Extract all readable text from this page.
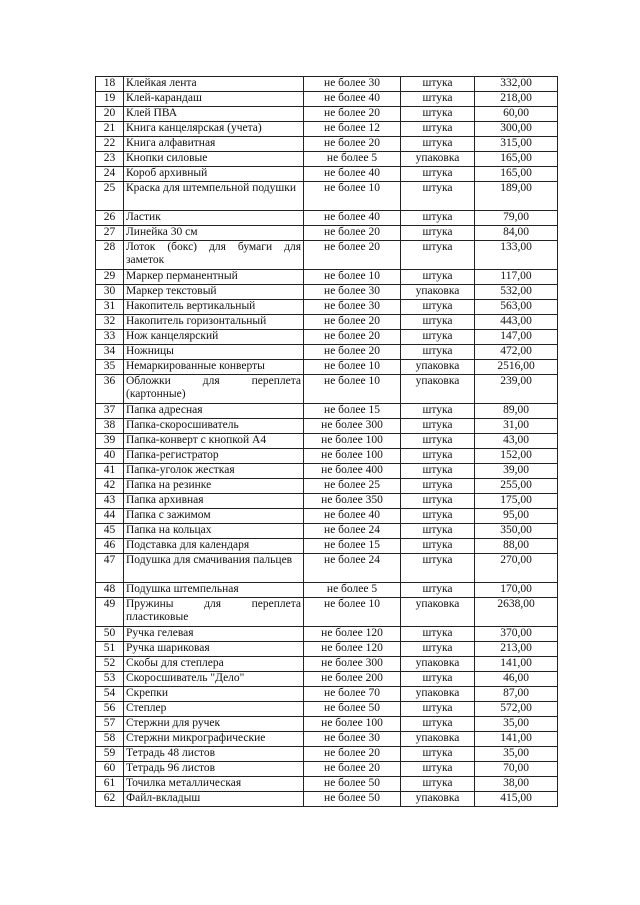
18	Клейкая лента	не более 30	штука	332,00
19	Клей-карандаш	не более 40	штука	218,00
20	Клей ПВА	не более 20	штука	60,00
21	Книга канцелярская (учета)	не более 12	штука	300,00
22	Книга алфавитная	не более 20	штука	315,00
23	Кнопки силовые	не более 5	упаковка	165,00
24	Короб архивный	не более 40	штука	165,00
25	Краска для штемпельной подушки	не более 10	штука	189,00
26	Ластик	не более 40	штука	79,00
27	Линейка 30 см	не более 20	штука	84,00
28	Лоток (бокс) для бумаги для заметок	не более 20	штука	133,00
29	Маркер перманентный	не более 10	штука	117,00
30	Маркер текстовый	не более 30	упаковка	532,00
31	Накопитель вертикальный	не более 30	штука	563,00
32	Накопитель горизонтальный	не более 20	штука	443,00
33	Нож канцелярский	не более 20	штука	147,00
34	Ножницы	не более 20	штука	472,00
35	Немаркированные конверты	не более 10	упаковка	2516,00
36	Обложки для переплета (картонные)	не более 10	упаковка	239,00
37	Папка адресная	не более 15	штука	89,00
38	Папка-скоросшиватель	не более 300	штука	31,00
39	Папка-конверт с кнопкой А4	не более 100	штука	43,00
40	Папка-регистратор	не более 100	штука	152,00
41	Папка-уголок жесткая	не более 400	штука	39,00
42	Папка на резинке	не более 25	штука	255,00
43	Папка архивная	не более 350	штука	175,00
44	Папка с зажимом	не более 40	штука	95,00
45	Папка на кольцах	не более 24	штука	350,00
46	Подставка для календаря	не более 15	штука	88,00
47	Подушка для смачивания пальцев	не более 24	штука	270,00
48	Подушка штемпельная	не более 5	штука	170,00
49	Пружины для переплета пластиковые	не более 10	упаковка	2638,00
50	Ручка гелевая	не более 120	штука	370,00
51	Ручка шариковая	не более 120	штука	213,00
52	Скобы для степлера	не более 300	упаковка	141,00
53	Скоросшиватель "Дело"	не более 200	штука	46,00
54	Скрепки	не более 70	упаковка	87,00
56	Степлер	не более 50	штука	572,00
57	Стержни для ручек	не более 100	штука	35,00
58	Стержни микрографические	не более 30	упаковка	141,00
59	Тетрадь 48 листов	не более 20	штука	35,00
60	Тетрадь 96 листов	не более 20	штука	70,00
61	Точилка металлическая	не более 50	штука	38,00
62	Файл-вкладыш	не более 50	упаковка	415,00
